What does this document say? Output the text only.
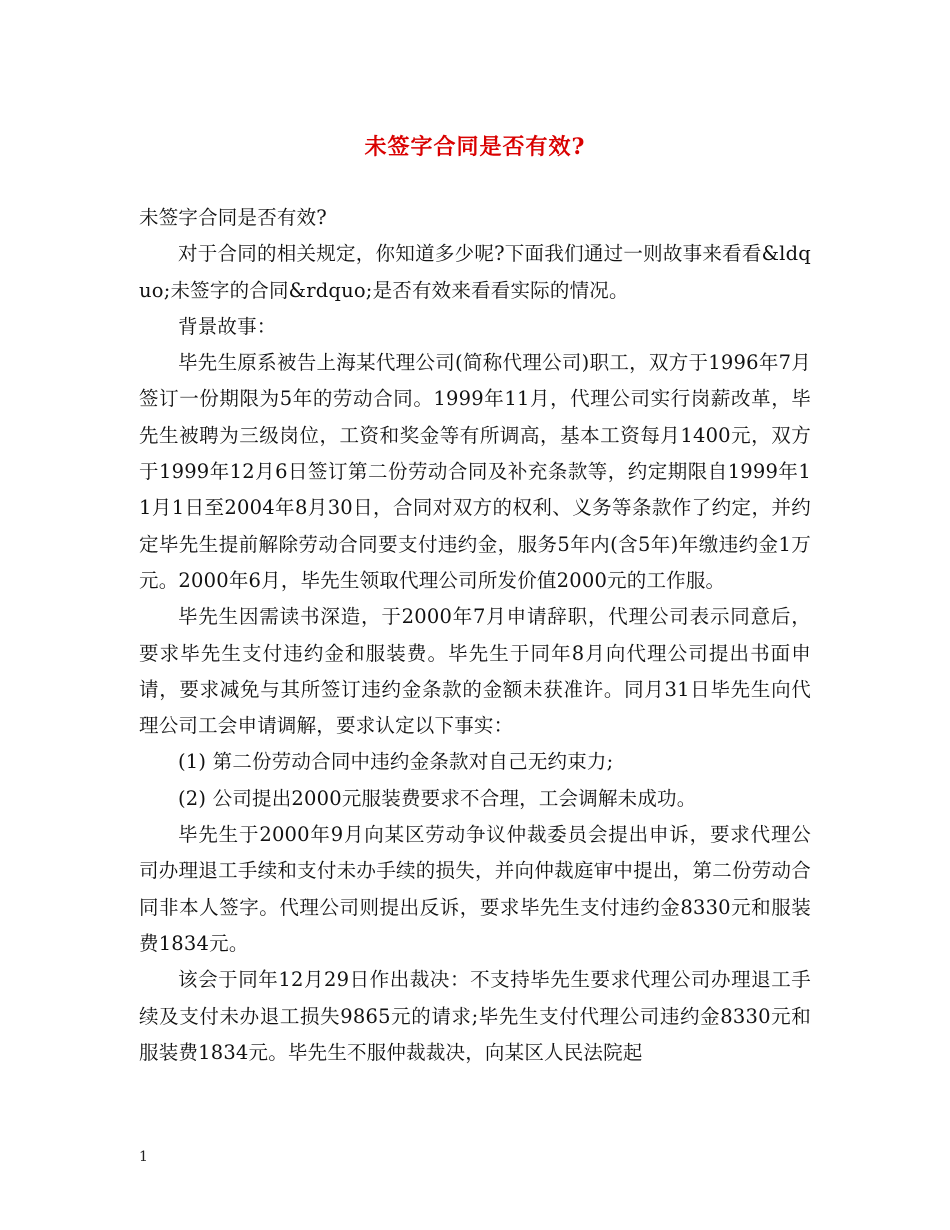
未签字合同是否有效?

未签字合同是否有效?

对于合同的相关规定，你知道多少呢?下面我们通过一则故事来看看&ldquo;未签字的合同&rdquo;是否有效来看看实际的情况。

背景故事：

毕先生原系被告上海某代理公司(简称代理公司)职工，双方于1996年7月签订一份期限为5年的劳动合同。1999年11月，代理公司实行岗薪改革，毕先生被聘为三级岗位，工资和奖金等有所调高，基本工资每月1400元，双方于1999年12月6日签订第二份劳动合同及补充条款等，约定期限自1999年11月1日至2004年8月30日，合同对双方的权利、义务等条款作了约定，并约定毕先生提前解除劳动合同要支付违约金，服务5年内(含5年)年缴违约金1万元。2000年6月，毕先生领取代理公司所发价值2000元的工作服。

毕先生因需读书深造，于2000年7月申请辞职，代理公司表示同意后，要求毕先生支付违约金和服装费。毕先生于同年8月向代理公司提出书面申请，要求减免与其所签订违约金条款的金额未获准许。同月31日毕先生向代理公司工会申请调解，要求认定以下事实：

(1) 第二份劳动合同中违约金条款对自己无约束力;

(2) 公司提出2000元服装费要求不合理，工会调解未成功。

毕先生于2000年9月向某区劳动争议仲裁委员会提出申诉，要求代理公司办理退工手续和支付未办手续的损失，并向仲裁庭审中提出，第二份劳动合同非本人签字。代理公司则提出反诉，要求毕先生支付违约金8330元和服装费1834元。

该会于同年12月29日作出裁决：不支持毕先生要求代理公司办理退工手续及支付未办退工损失9865元的请求;毕先生支付代理公司违约金8330元和服装费1834元。毕先生不服仲裁裁决，向某区人民法院起

1
